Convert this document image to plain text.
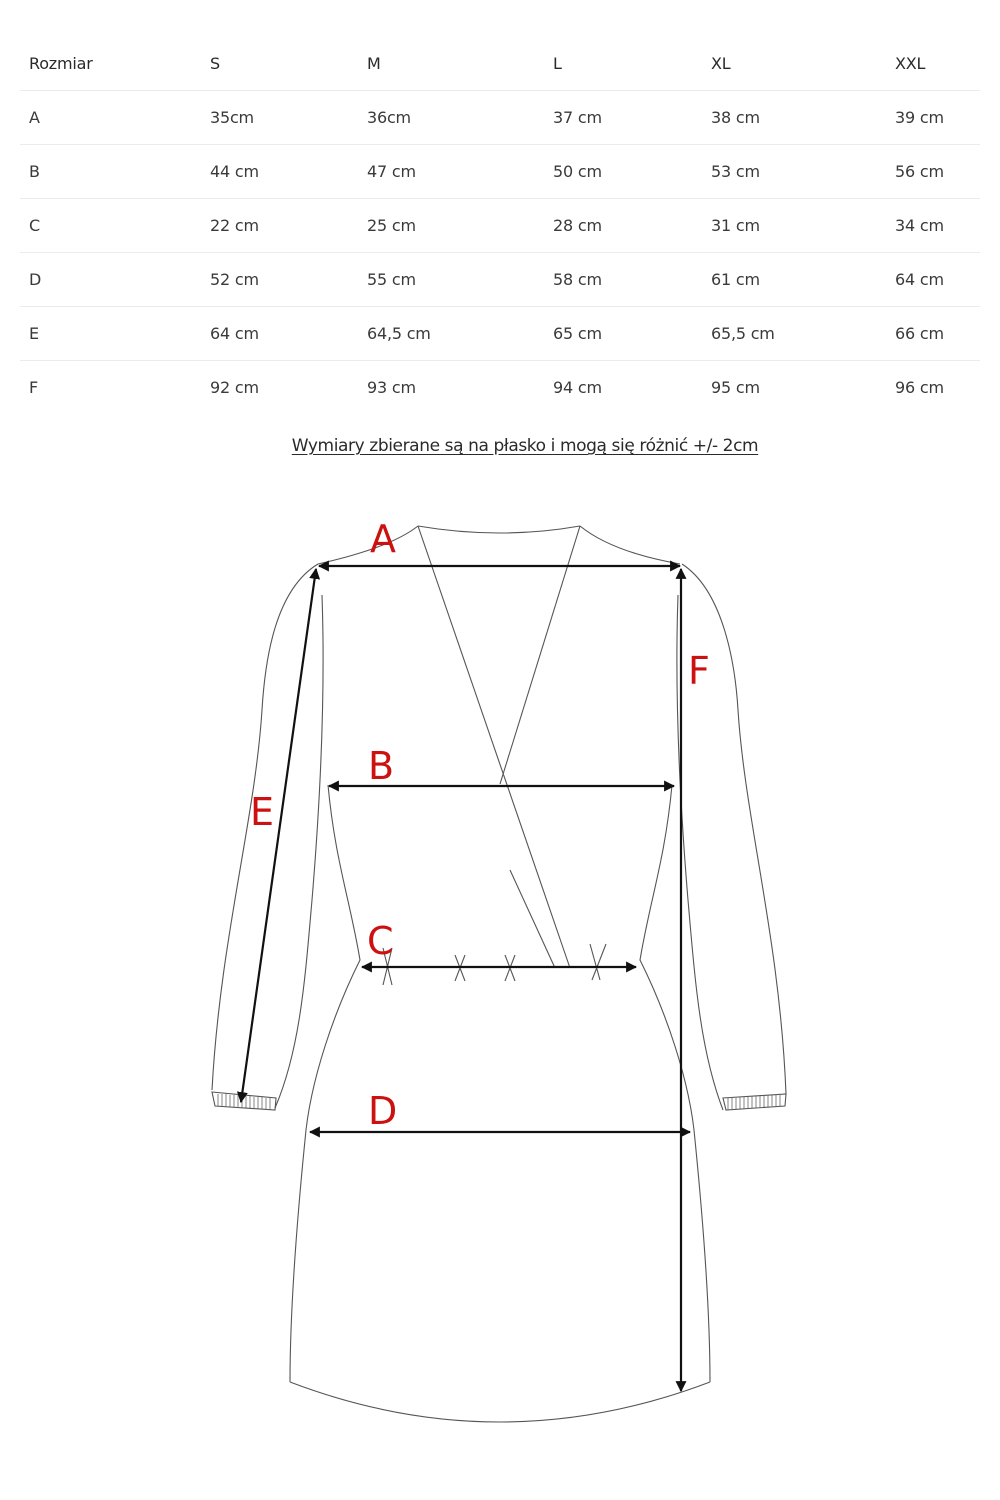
Rozmiar	S	M	L	XL	XXL
A	35cm	36cm	37 cm	38 cm	39 cm
B	44 cm	47 cm	50 cm	53 cm	56 cm
C	22 cm	25 cm	28 cm	31 cm	34 cm
D	52 cm	55 cm	58 cm	61 cm	64 cm
E	64 cm	64,5 cm	65 cm	65,5 cm	66 cm
F	92 cm	93 cm	94 cm	95 cm	96 cm
Wymiary zbierane są na płasko i mogą się różnić +/- 2cm
A
B
C
D
E
F
